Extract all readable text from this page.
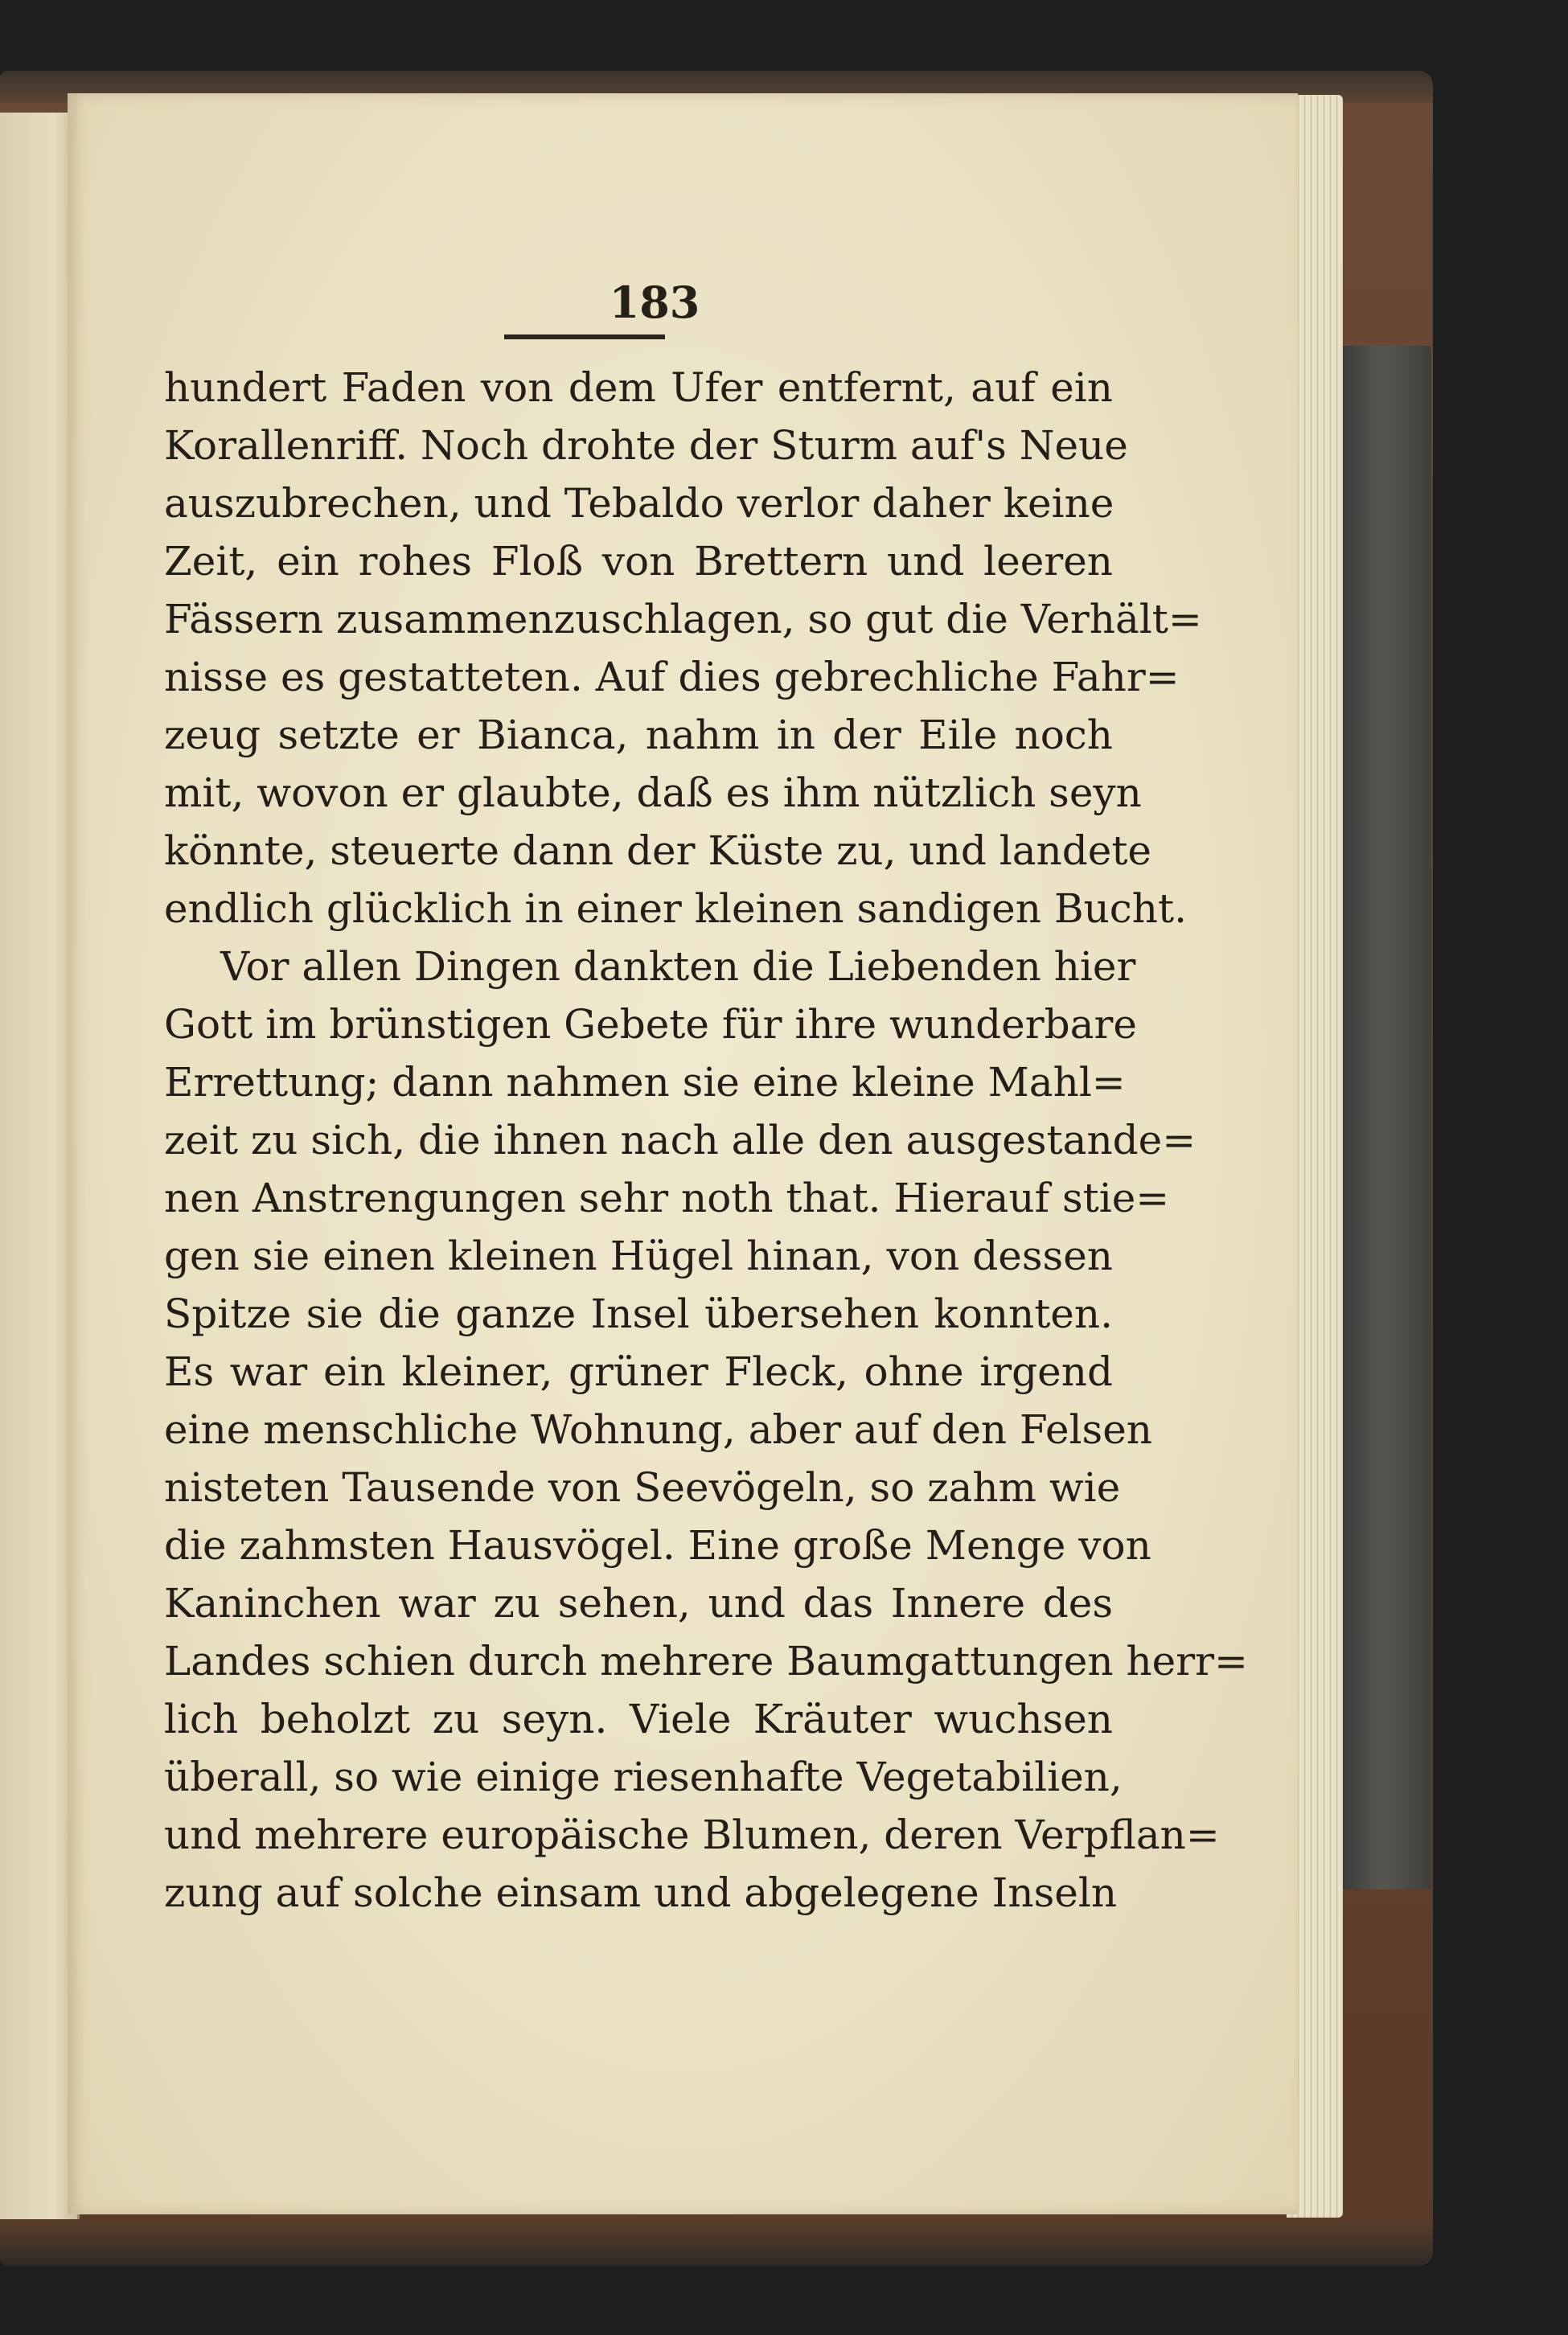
183
hundert Faden von dem Ufer entfernt, auf ein
Korallenriff. Noch drohte der Sturm auf's Neue
auszubrechen, und Tebaldo verlor daher keine
Zeit, ein rohes Floß von Brettern und leeren
Fässern zusammenzuschlagen, so gut die Verhält=
nisse es gestatteten. Auf dies gebrechliche Fahr=
zeug setzte er Bianca, nahm in der Eile noch
mit, wovon er glaubte, daß es ihm nützlich seyn
könnte, steuerte dann der Küste zu, und landete
endlich glücklich in einer kleinen sandigen Bucht.
Vor allen Dingen dankten die Liebenden hier
Gott im brünstigen Gebete für ihre wunderbare
Errettung; dann nahmen sie eine kleine Mahl=
zeit zu sich, die ihnen nach alle den ausgestande=
nen Anstrengungen sehr noth that. Hierauf stie=
gen sie einen kleinen Hügel hinan, von dessen
Spitze sie die ganze Insel übersehen konnten.
Es war ein kleiner, grüner Fleck, ohne irgend
eine menschliche Wohnung, aber auf den Felsen
nisteten Tausende von Seevögeln, so zahm wie
die zahmsten Hausvögel. Eine große Menge von
Kaninchen war zu sehen, und das Innere des
Landes schien durch mehrere Baumgattungen herr=
lich beholzt zu seyn. Viele Kräuter wuchsen
überall, so wie einige riesenhafte Vegetabilien,
und mehrere europäische Blumen, deren Verpflan=
zung auf solche einsam und abgelegene Inseln
